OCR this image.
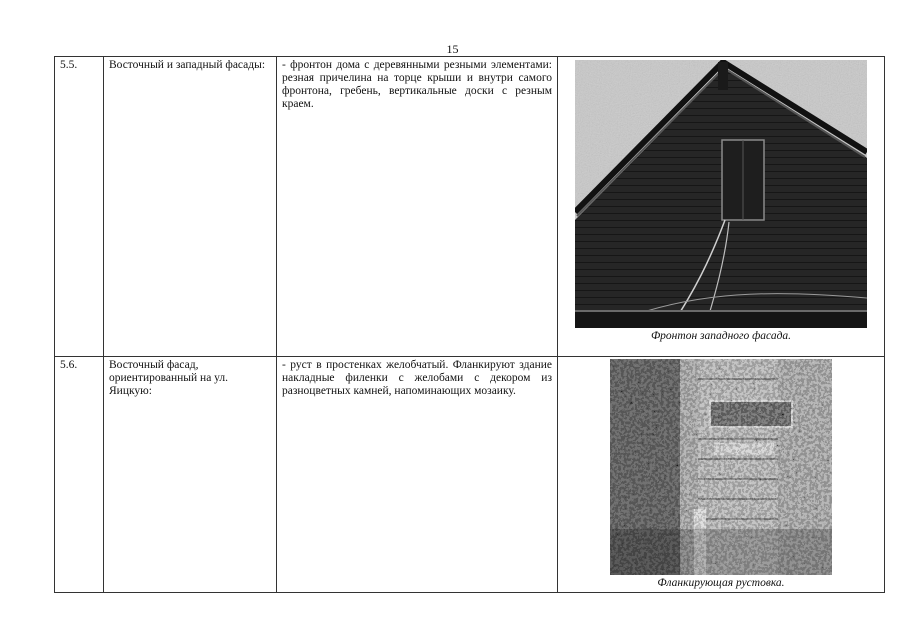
15
5.5.	Восточный и западный фасады:	- фронтон дома с деревянными резными элементами: резная причелина на торце крыши и внутри самого фронтона, гребень, вертикальные доски с резным краем.	Фронтон западного фасада.

5.6.	Восточный фасад, ориентированный на ул. Яицкую:	- руст в простенках желобчатый. Фланкируют здание накладные филенки с желобами с декором из разноцветных камней, напоминающих мозаику.	Фланкирующая рустовка.
